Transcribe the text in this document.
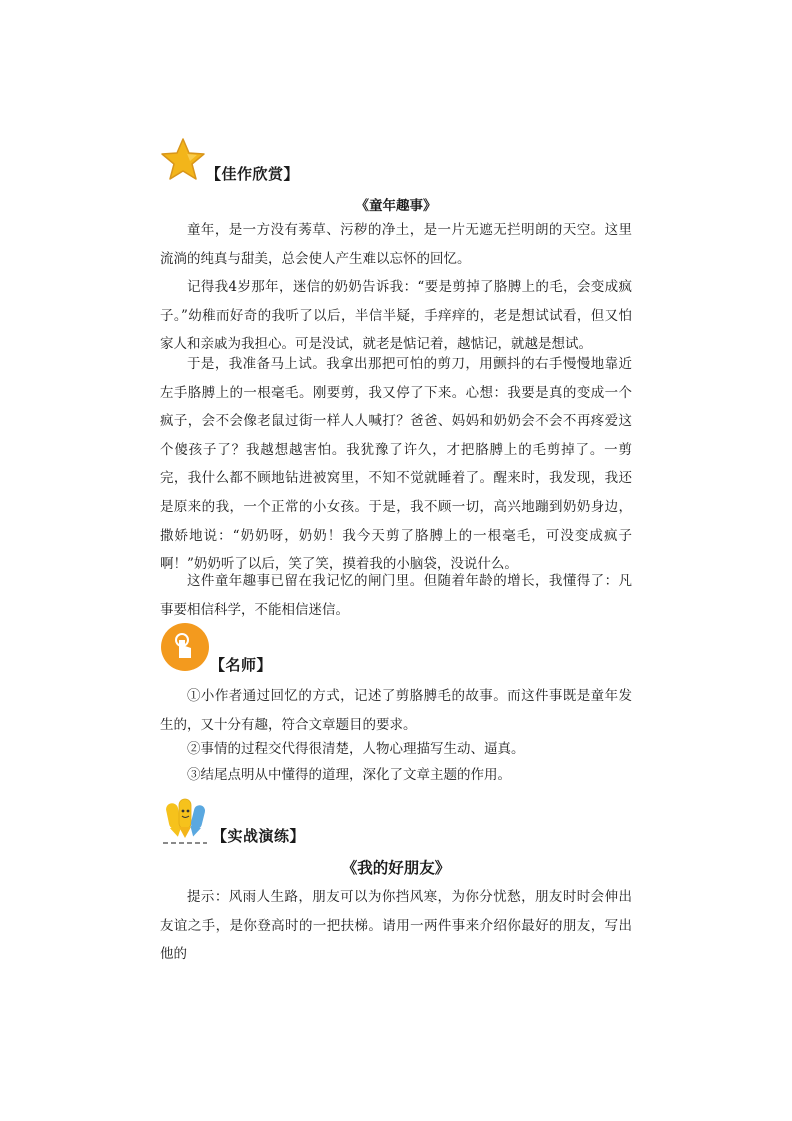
【佳作欣赏】
《童年趣事》

童年，是一方没有莠草、污秽的净土，是一片无遮无拦明朗的天空。这里流淌的纯真与甜美，总会使人产生难以忘怀的回忆。

记得我4岁那年，迷信的奶奶告诉我：“要是剪掉了胳膊上的毛，会变成疯子。”幼稚而好奇的我听了以后，半信半疑，手痒痒的，老是想试试看，但又怕家人和亲戚为我担心。可是没试，就老是惦记着，越惦记，就越是想试。

于是，我准备马上试。我拿出那把可怕的剪刀，用颤抖的右手慢慢地靠近左手胳膊上的一根毫毛。刚要剪，我又停了下来。心想：我要是真的变成一个疯子，会不会像老鼠过街一样人人喊打？爸爸、妈妈和奶奶会不会不再疼爱这个傻孩子了？我越想越害怕。我犹豫了许久，才把胳膊上的毛剪掉了。一剪完，我什么都不顾地钻进被窝里，不知不觉就睡着了。醒来时，我发现，我还是原来的我，一个正常的小女孩。于是，我不顾一切，高兴地蹦到奶奶身边，撒娇地说：“奶奶呀，奶奶！我今天剪了胳膊上的一根毫毛，可没变成疯子啊！”奶奶听了以后，笑了笑，摸着我的小脑袋，没说什么。

这件童年趣事已留在我记忆的闸门里。但随着年龄的增长，我懂得了：凡事要相信科学，不能相信迷信。

【名师】

①小作者通过回忆的方式，记述了剪胳膊毛的故事。而这件事既是童年发生的，又十分有趣，符合文章题目的要求。

②事情的过程交代得很清楚，人物心理描写生动、逼真。

③结尾点明从中懂得的道理，深化了文章主题的作用。

【实战演练】
《我的好朋友》

提示：风雨人生路，朋友可以为你挡风寒，为你分忧愁，朋友时时会伸出友谊之手，是你登高时的一把扶梯。请用一两件事来介绍你最好的朋友，写出他的
